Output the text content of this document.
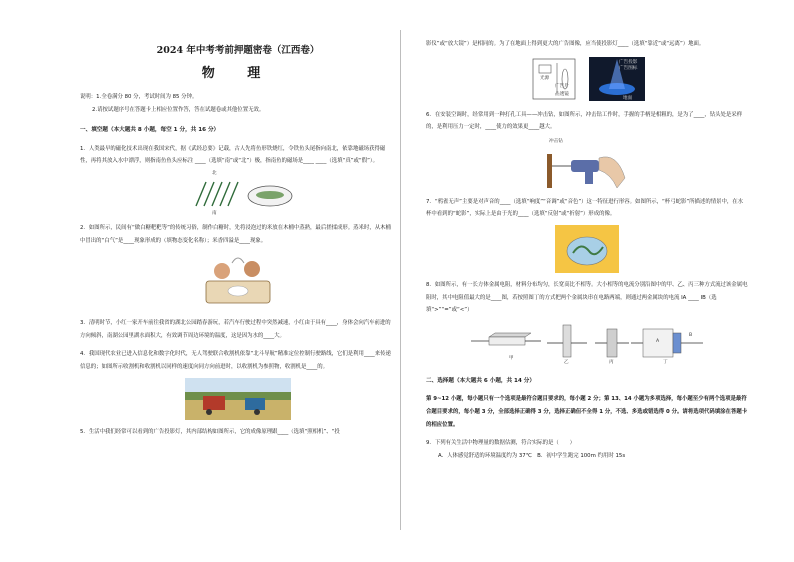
2024 年中考考前押题密卷（江西卷）
物 理

说明：1.全卷满分 80 分，考试时间为 85 分钟。

2.请按试题序号在答题卡上相应位置作答，答在试题卷或其他位置无效。

一、填空题（本大题共 8 小题，每空 1 分，共 16 分）

1．人类最早的磁化技术出现在我国宋代，据《武经总要》记载，古人先将鱼形铁烧红，令铁鱼头尾指向南北，依靠地磁场获得磁性，再将其放入水中漂浮，则指南鱼鱼头应标注 ____（选填“南”或“北”）极，指南鱼的磁场是____ ____（选填“真”或“假”）。

北
南

2．如图所示，民间有“做白糖粑粑等”的传统习俗，制作白糖时，先将浸泡过的米放在木桶中蒸熟，最后搓揉成形。蒸米时，从木桶中冒出的“白气”是____现象形成的（填物态变化名称）；米香四溢是____现象。

3．清明时节，小红一家开车前往我省的湖北公园踏春游玩，若汽车行驶过程中突然减速，小红由于具有____，身体会向汽车前进的方向倾斜，南湖公园里湖水面积大，有效调节周边环境的温度，这是因为水的____大。

4．我国现代农业已进入信息化和数字化时代，无人驾驶联合收割机依靠“北斗导航”精准定位控制行驶路线，它们是利用____来传递信息的；如图所示收割机和收割机以同样的速度向同方向前进时，以收割机为参照物，收割机是____的。

5．生活中我们经常可以看到的广告投影灯，其内部结构如图所示，它的成像原理跟____（选填“照相机”、“投

影仪”或“放大镜”）是相同的。为了在地面上得到更大的广告图像，应当使投影灯____（选填“靠近”或“远离”）地面。

光源
广告片
凸透镜
广告投影
广告图标
地面

6．在安装空调时，经常用到一种打孔工具——冲击钻，如图所示，冲击钻工作时，手握的手柄是相粗的，是为了____，钻头处是采样的，是利用压力一定时，____使力的效果更____越大。

冲击钻

7．“鸦雀无声”主要是对声音的____（选填“响度”“音调”或“音色”）这一特征进行形容。如图所示，“杯弓蛇影”所描述的情景中，在水杯中看到的“蛇影”，实际上是由于光的____（选填“反射”或“折射”）形成的像。

8．如图所示，有一长方体金属电阻，材料分布均匀，长宽高比不相等。大小相等的电流分别沿图中的甲、乙、丙三种方式流过该金属电阻时，其中电阻值最大的是____图，若按照图丁的方式把两个金属块串在电路两端，则通过两金属块的电流 IA ____ IB（选填“>”“=”或“<”）

甲
乙	丙	丁
A
B
二、选择题（本大题共 6 小题，共 14 分）

第 9~12 小题，每小题只有一个选项是最符合题目要求的，每小题 2 分；第 13、14 小题为多项选择，每小题至少有两个选项是最符合题目要求的，每小题 3 分，全部选择正确得 3 分，选择正确但不全得 1 分，不选、多选或错选得 0 分。请将选项代码填涂在答题卡的相应位置。

9．下列有关生活中物理量的数据估测，符合实际的是（　　）

A．人体感觉舒适的环境温度约为 37℃　B．初中学生跑完 100m 约用时 15s
